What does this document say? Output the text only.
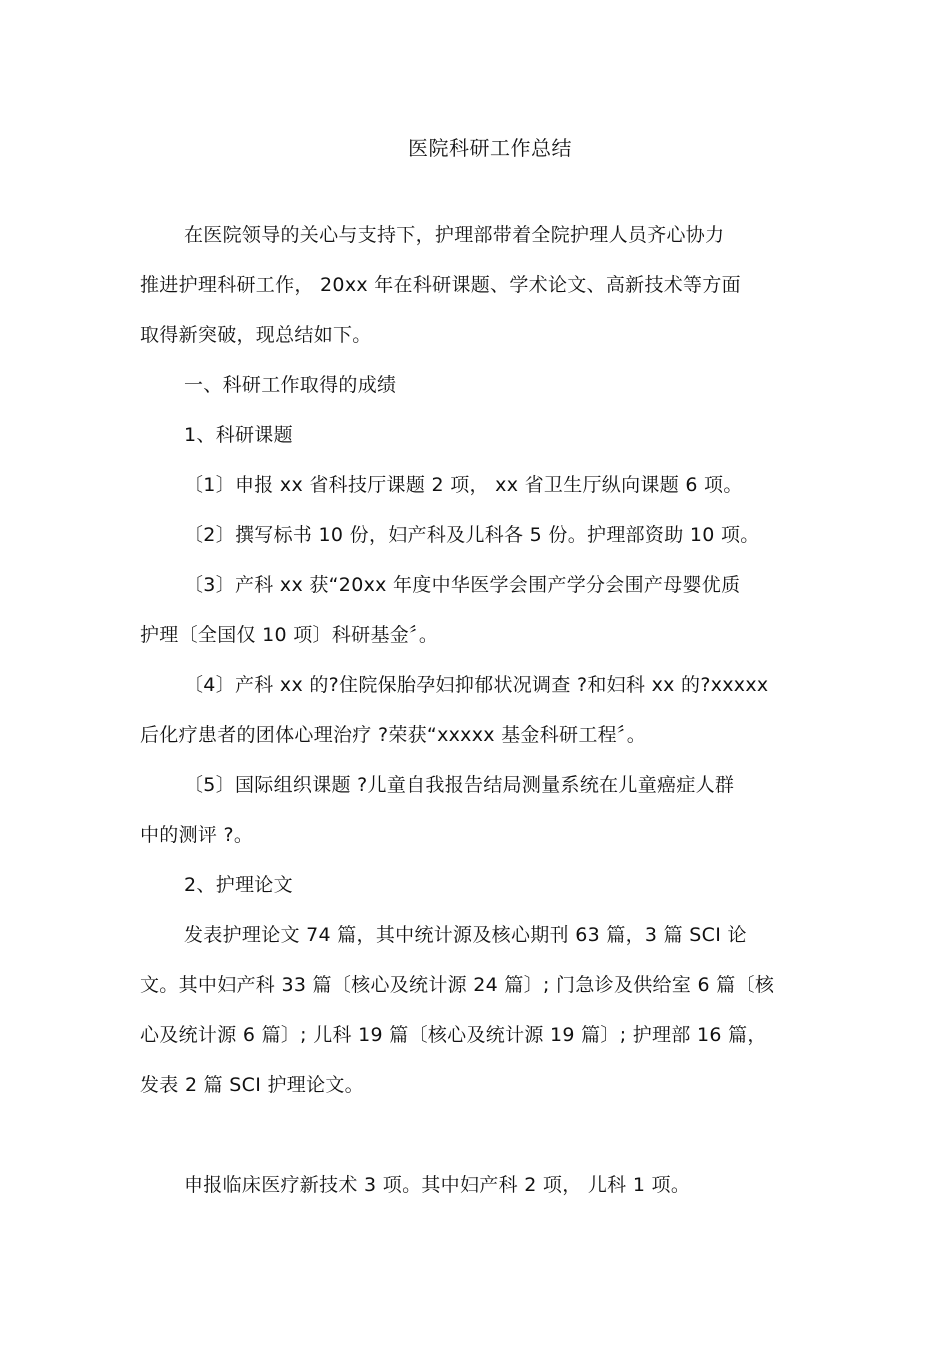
医院科研工作总结
在医院领导的关心与支持下，护理部带着全院护理人员齐心协力
推进护理科研工作， 20xx 年在科研课题、学术论文、高新技术等方面
取得新突破，现总结如下。
一、科研工作取得的成绩
1、科研课题
〔1〕申报 xx 省科技厅课题 2 项， xx 省卫生厅纵向课题 6 项。
〔2〕撰写标书 10 份，妇产科及儿科各 5 份。护理部资助 10 项。
〔3〕产科 xx 获“20xx 年度中华医学会围产学分会围产母婴优质
护理〔全国仅 10 项〕科研基金〞。
〔4〕产科 xx 的?住院保胎孕妇抑郁状况调查 ?和妇科 xx 的?xxxxx
后化疗患者的团体心理治疗 ?荣获“xxxxx 基金科研工程〞。
〔5〕国际组织课题 ?儿童自我报告结局测量系统在儿童癌症人群
中的测评 ?。
2、护理论文
发表护理论文 74 篇，其中统计源及核心期刊 63 篇，3 篇 SCI 论
文。其中妇产科 33 篇〔核心及统计源 24 篇〕; 门急诊及供给室 6 篇〔核
心及统计源 6 篇〕; 儿科 19 篇〔核心及统计源 19 篇〕; 护理部 16 篇，
发表 2 篇 SCI 护理论文。
申报临床医疗新技术 3 项。其中妇产科 2 项， 儿科 1 项。
